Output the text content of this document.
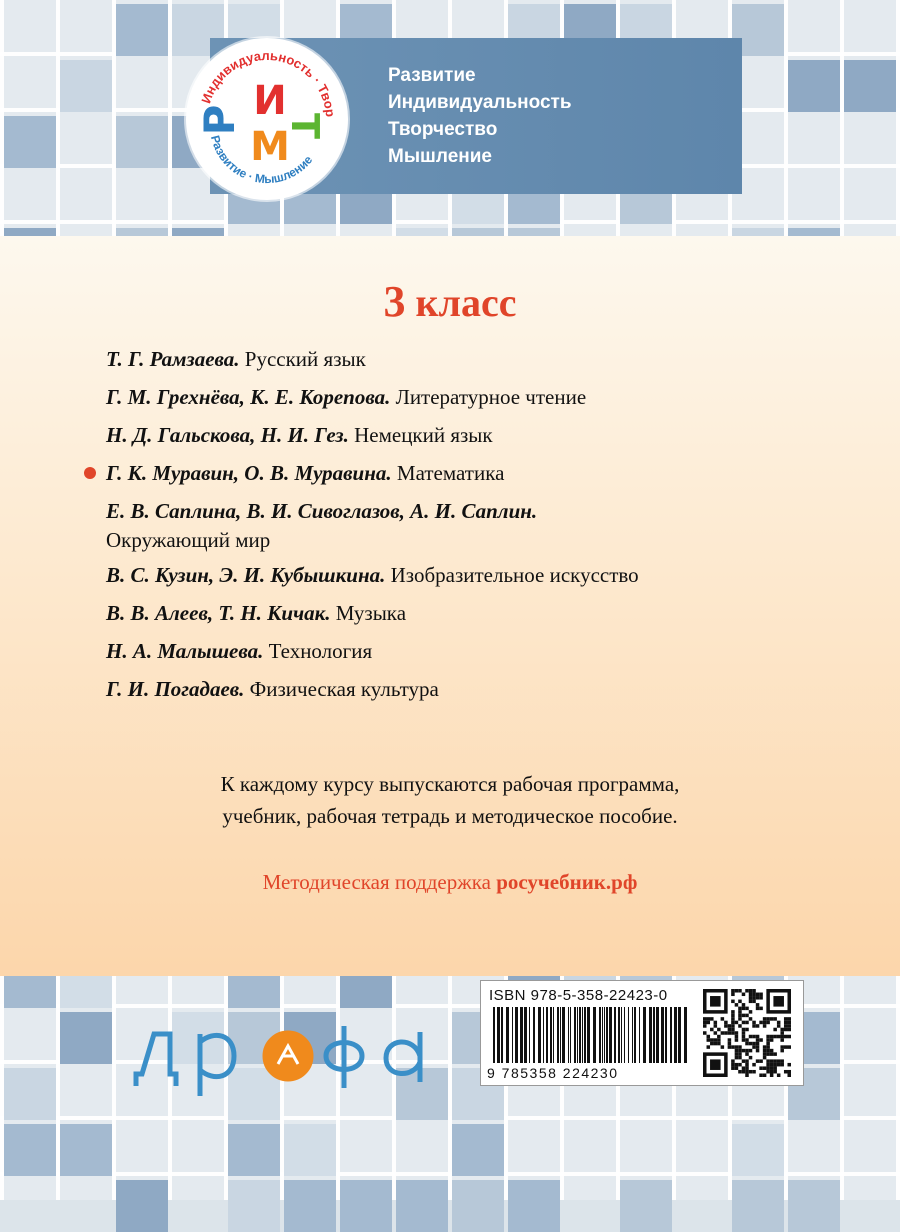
Индивидуальность · Твор
Развитие · Мышление
Р И
Т
М
Развитие
Индивидуальность
Творчество
Мышление
3 класс
Т. Г. Рамзаева. Русский язык
Г. М. Грехнёва, К. Е. Корепова. Литературное чтение
Н. Д. Гальскова, Н. И. Гез. Немецкий язык
Г. К. Муравин, О. В. Муравина. Математика
Е. В. Саплина, В. И. Сивоглазов, А. И. Саплин.
Окружающий мир
В. С. Кузин, Э. И. Кубышкина. Изобразительное искусство
В. В. Алеев, Т. Н. Кичак. Музыка
Н. А. Малышева. Технология
Г. И. Погадаев. Физическая культура
К каждому курсу выпускаются рабочая программа,
учебник, рабочая тетрадь и методическое пособие.
Методическая поддержка росучебник.рф
дрофа
ISBN 978-5-358-22423-0
9 785358 224230
